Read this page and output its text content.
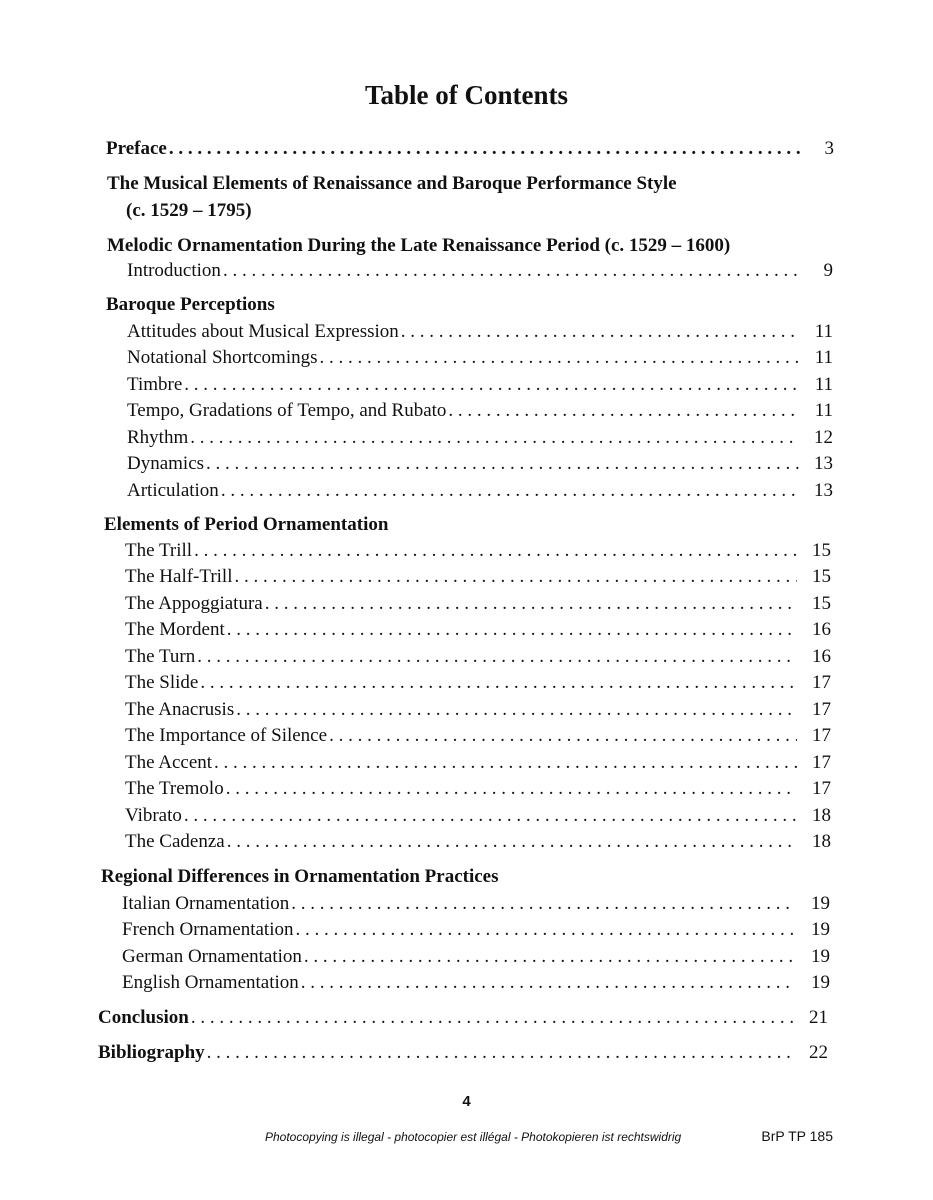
Table of Contents
Preface . . .	3
The Musical Elements of Renaissance and Baroque Performance Style
(c. 1529 – 1795)
Melodic Ornamentation During the Late Renaissance Period (c. 1529 – 1600)
Introduction . . .	9
Baroque Perceptions
Attitudes about Musical Expression . . .	11
Notational Shortcomings . . .	11
Timbre . . .	11
Tempo, Gradations of Tempo, and Rubato . . .	11
Rhythm . . .	12
Dynamics . . .	13
Articulation . . .	13
Elements of Period Ornamentation
The Trill . . .	15
The Half-Trill . . .	15
The Appoggiatura . . .	15
The Mordent . . .	16
The Turn . . .	16
The Slide . . .	17
The Anacrusis . . .	17
The Importance of Silence . . .	17
The Accent . . .	17
The Tremolo . . .	17
Vibrato . . .	18
The Cadenza . . .	18
Regional Differences in Ornamentation Practices
Italian Ornamentation . . .	19
French Ornamentation . . .	19
German Ornamentation . . .	19
English Ornamentation . . .	19
Conclusion . . .	21
Bibliography . . .	22
4
Photocopying is illegal - photocopier est illégal - Photokopieren ist rechtswidrig	BrP TP 185
